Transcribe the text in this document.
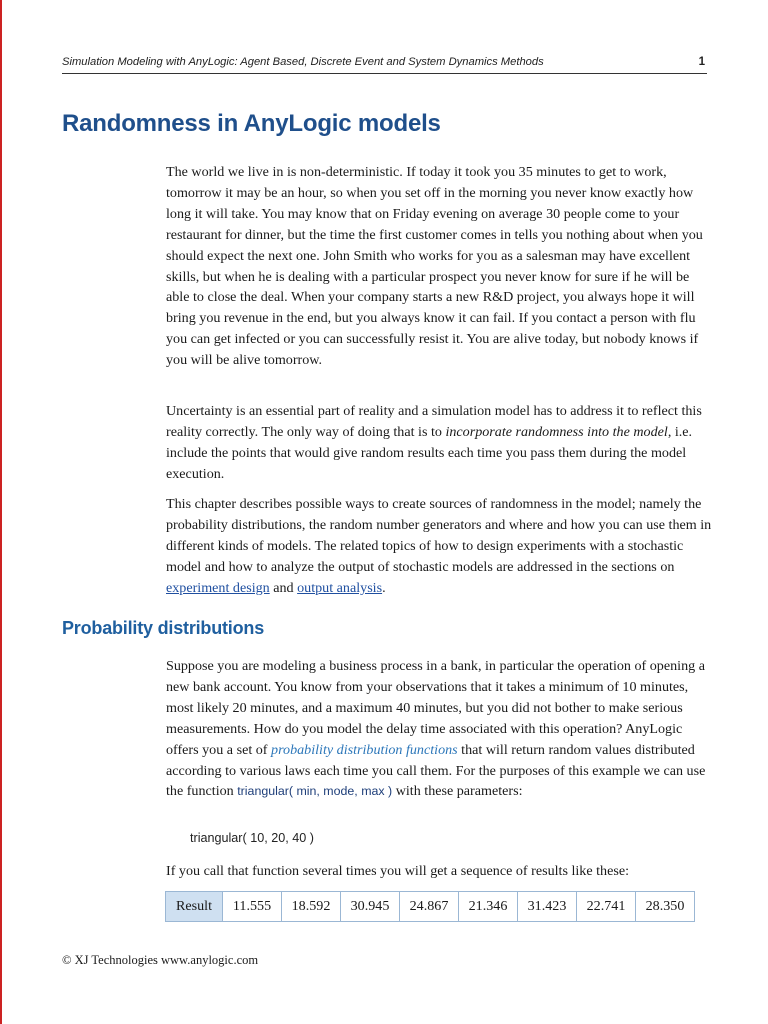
Simulation Modeling with AnyLogic: Agent Based, Discrete Event and System Dynamics Methods	1
Randomness in AnyLogic models

The world we live in is non-deterministic. If today it took you 35 minutes to get to work, tomorrow it may be an hour, so when you set off in the morning you never know exactly how long it will take. You may know that on Friday evening on average 30 people come to your restaurant for dinner, but the time the first customer comes in tells you nothing about when you should expect the next one. John Smith who works for you as a salesman may have excellent skills, but when he is dealing with a particular prospect you never know for sure if he will be able to close the deal. When your company starts a new R&D project, you always hope it will bring you revenue in the end, but you always know it can fail. If you contact a person with flu you can get infected or you can successfully resist it. You are alive today, but nobody knows if you will be alive tomorrow.

Uncertainty is an essential part of reality and a simulation model has to address it to reflect this reality correctly. The only way of doing that is to incorporate randomness into the model, i.e. include the points that would give random results each time you pass them during the model execution.

This chapter describes possible ways to create sources of randomness in the model; namely the probability distributions, the random number generators and where and how you can use them in different kinds of models. The related topics of how to design experiments with a stochastic model and how to analyze the output of stochastic models are addressed in the sections on experiment design and output analysis.

Probability distributions

Suppose you are modeling a business process in a bank, in particular the operation of opening a new bank account. You know from your observations that it takes a minimum of 10 minutes, most likely 20 minutes, and a maximum 40 minutes, but you did not bother to make serious measurements. How do you model the delay time associated with this operation? AnyLogic offers you a set of probability distribution functions that will return random values distributed according to various laws each time you call them. For the purposes of this example we can use the function triangular( min, mode, max ) with these parameters:

triangular( 10, 20, 40 )

If you call that function several times you will get a sequence of results like these:

Result	11.555	18.592	30.945	24.867	21.346	31.423	22.741	28.350
© XJ Technologies www.anylogic.com
